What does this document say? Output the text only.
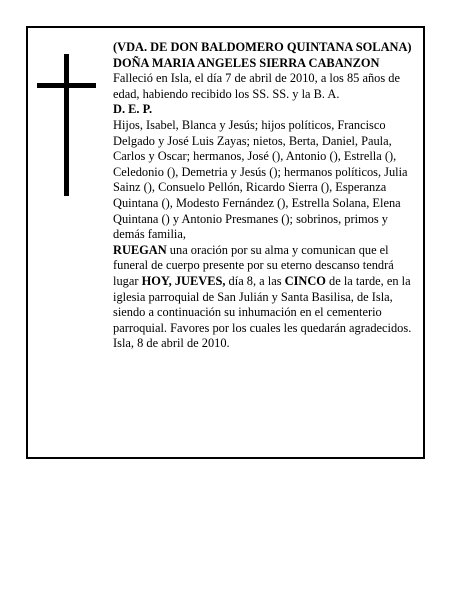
(VDA. DE DON BALDOMERO QUINTANA SOLANA)

DOÑA MARIA ANGELES SIERRA CABANZON

Falleció en Isla, el día 7 de abril de 2010, a los 85 años de edad, habiendo recibido los SS. SS. y la B. A.

D. E. P.

Hijos, Isabel, Blanca y Jesús; hijos políticos, Francisco Delgado y José Luis Zayas; nietos, Berta, Daniel, Paula, Carlos y Oscar; hermanos, José (), Antonio (), Estrella (), Celedonio (), Demetria y Jesús (); hermanos políticos, Julia Sainz (), Consuelo Pellón, Ricardo Sierra (), Esperanza Quintana (), Modesto Fernández (), Estrella Solana, Elena Quintana () y Antonio Presmanes (); sobrinos, primos y demás familia,

RUEGAN una oración por su alma y comunican que el funeral de cuerpo presente por su eterno descanso tendrá lugar HOY, JUEVES, día 8, a las CINCO de la tarde, en la iglesia parroquial de San Julián y Santa Basilisa, de Isla, siendo a continuación su inhumación en el cementerio parroquial. Favores por los cuales les quedarán agradecidos.

Isla, 8 de abril de 2010.
